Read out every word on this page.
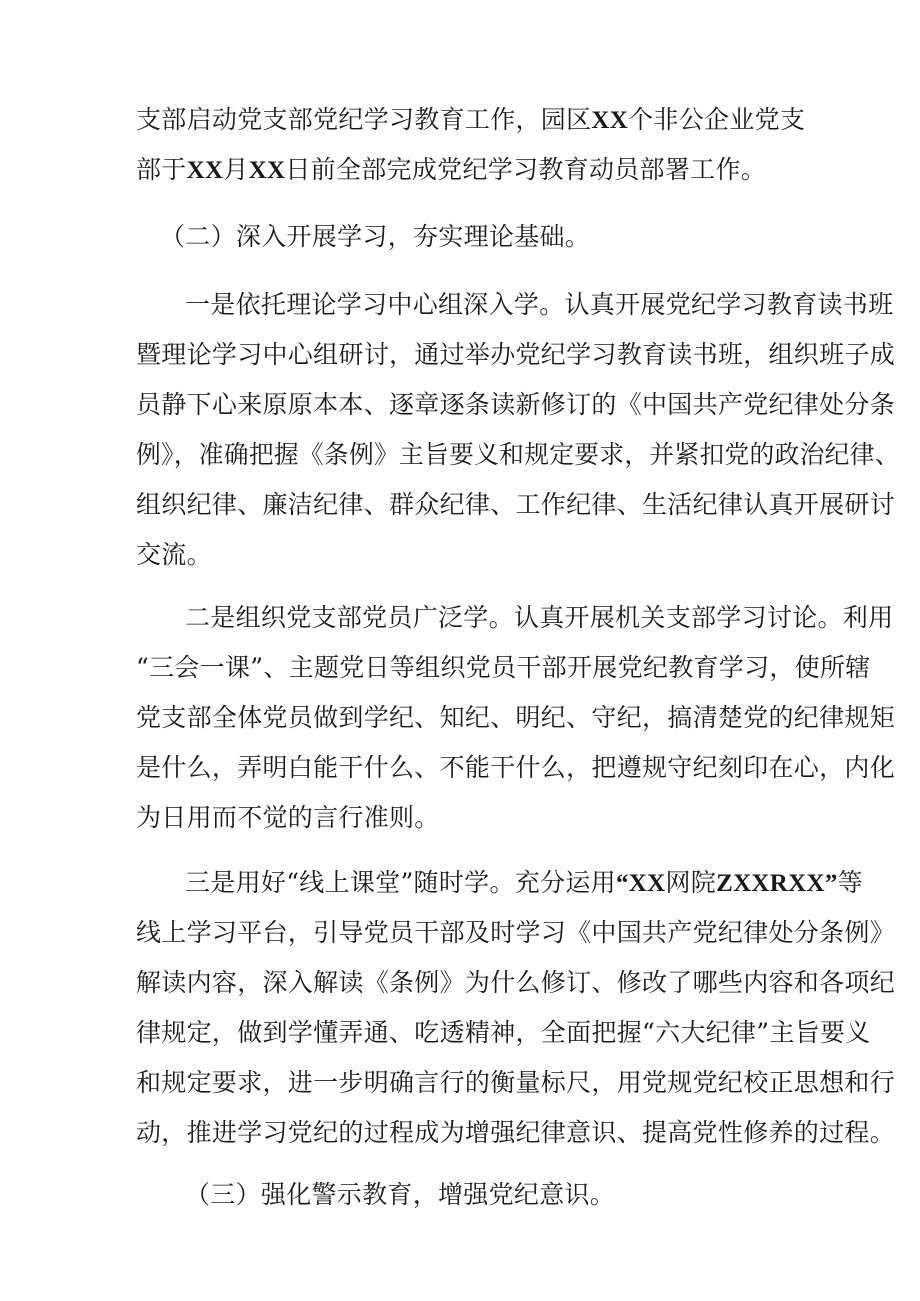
支部启动党支部党纪学习教育工作，园区XX个非公企业党支
部于XX月XX日前全部完成党纪学习教育动员部署工作。
（二）深入开展学习，夯实理论基础。
一是依托理论学习中心组深入学。认真开展党纪学习教育读书班
暨理论学习中心组研讨，通过举办党纪学习教育读书班，组织班子成
员静下心来原原本本、逐章逐条读新修订的《中国共产党纪律处分条
例》，准确把握《条例》主旨要义和规定要求，并紧扣党的政治纪律、
组织纪律、廉洁纪律、群众纪律、工作纪律、生活纪律认真开展研讨
交流。
二是组织党支部党员广泛学。认真开展机关支部学习讨论。利用
“三会一课”、主题党日等组织党员干部开展党纪教育学习，使所辖
党支部全体党员做到学纪、知纪、明纪、守纪，搞清楚党的纪律规矩
是什么，弄明白能干什么、不能干什么，把遵规守纪刻印在心，内化
为日用而不觉的言行准则。
三是用好“线上课堂”随时学。充分运用“XX网院ZXXRXX”等
线上学习平台，引导党员干部及时学习《中国共产党纪律处分条例》
解读内容，深入解读《条例》为什么修订、修改了哪些内容和各项纪
律规定，做到学懂弄通、吃透精神，全面把握“六大纪律”主旨要义
和规定要求，进一步明确言行的衡量标尺，用党规党纪校正思想和行
动，推进学习党纪的过程成为增强纪律意识、提高党性修养的过程。
（三）强化警示教育，增强党纪意识。
